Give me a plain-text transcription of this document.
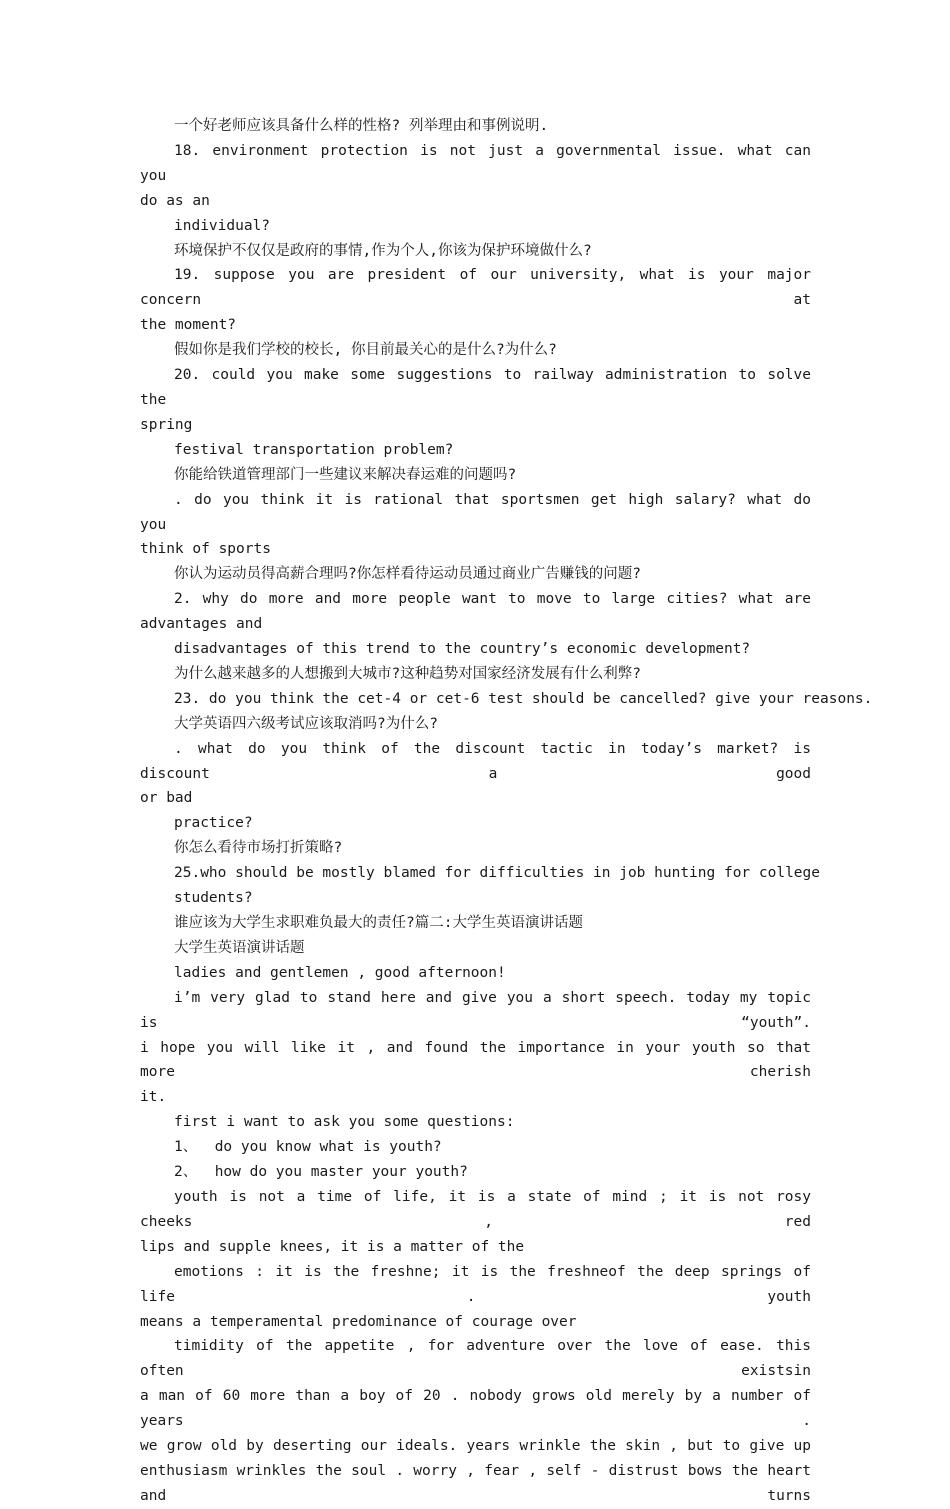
一个好老师应该具备什么样的性格? 列举理由和事例说明.
18. environment protection is not just a governmental issue. what can you
do as an
individual?
环境保护不仅仅是政府的事情,作为个人,你该为保护环境做什么?
19. suppose you are president of our university, what is your major concern at
the moment?
假如你是我们学校的校长, 你目前最关心的是什么?为什么?
20. could you make some suggestions to railway administration to solve the
spring
festival transportation problem?
你能给铁道管理部门一些建议来解决春运难的问题吗?
. do you think it is rational that sportsmen get high salary? what do you
think of sports
你认为运动员得高薪合理吗?你怎样看待运动员通过商业广告赚钱的问题?
2. why do more and more people want to move to large cities? what are
advantages and
disadvantages of this trend to the country’s economic development?
为什么越来越多的人想搬到大城市?这种趋势对国家经济发展有什么利弊?
23. do you think the cet-4 or cet-6 test should be cancelled? give your reasons.
大学英语四六级考试应该取消吗?为什么?
. what do you think of the discount tactic in today’s market? is discount a good
or bad
practice?
你怎么看待市场打折策略?
25.who should be mostly blamed for difficulties in job hunting for college
students?
谁应该为大学生求职难负最大的责任?篇二:大学生英语演讲话题
大学生英语演讲话题
ladies and gentlemen , good afternoon!
i’m very glad to stand here and give you a short speech. today my topic is “youth”.
i hope you will like it , and found the importance in your youth so that more cherish
it.
first i want to ask you some questions:
1、  do you know what is youth?
2、  how do you master your youth?
youth is not a time of life, it is a state of mind ; it is not rosy cheeks , red
lips and supple knees, it is a matter of the
emotions : it is the freshne; it is the freshneof the deep springs of life . youth
means a temperamental predominance of courage over
timidity of the appetite , for adventure over the love of ease. this often existsin
a man of 60 more than a boy of 20 . nobody grows old merely by a number of years .
we grow old by deserting our ideals. years wrinkle the skin , but to give up
enthusiasm wrinkles the soul . worry , fear , self - distrust bows the heart and turns
